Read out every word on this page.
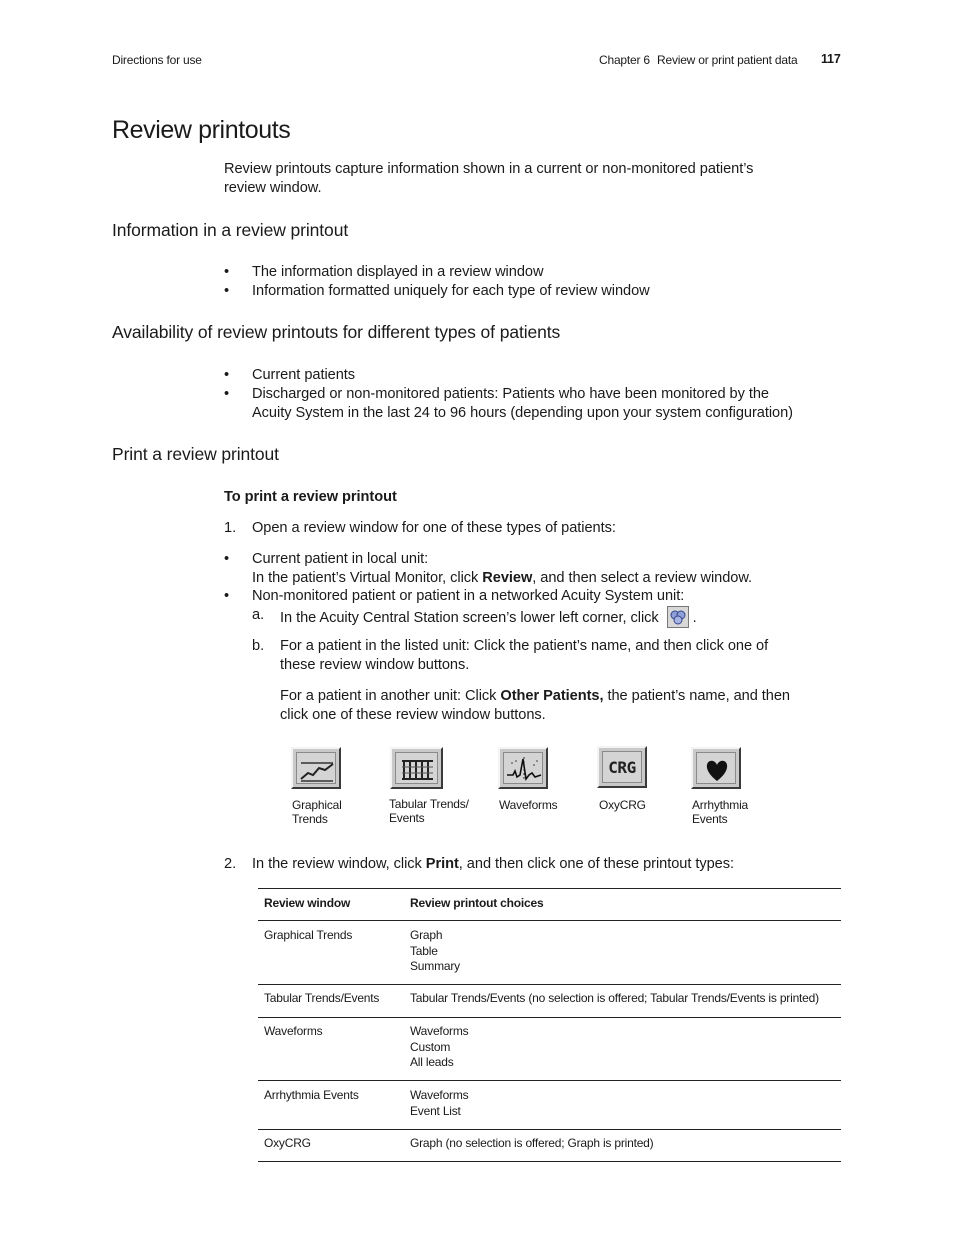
Directions for use	Chapter 6 Review or print patient data 117
Review printouts
Review printouts capture information shown in a current or non-monitored patient’s
review window.
Information in a review printout
• The information displayed in a review window
• Information formatted uniquely for each type of review window
Availability of review printouts for different types of patients
• Current patients
• Discharged or non-monitored patients: Patients who have been monitored by the
Acuity System in the last 24 to 96 hours (depending upon your system configuration)
Print a review printout
To print a review printout
1. Open a review window for one of these types of patients:
• Current patient in local unit:
In the patient’s Virtual Monitor, click Review, and then select a review window.
• Non-monitored patient or patient in a networked Acuity System unit:
a. In the Acuity Central Station screen’s lower left corner, click .
b. For a patient in the listed unit: Click the patient’s name, and then click one of
these review window buttons.
For a patient in another unit: Click Other Patients, the patient’s name, and then
click one of these review window buttons.
Graphical
Trends
Tabular Trends/
Events
Waveforms
CRG
OxyCRG	Arrhythmia
Events
2. In the review window, click Print, and then click one of these printout types:
Review window	Review printout choices
Graphical Trends	Graph
Table
Summary

Tabular Trends/Events	Tabular Trends/Events (no selection is offered; Tabular Trends/Events is printed)

Waveforms	Waveforms
Custom
All leads

Arrhythmia Events	Waveforms
Event List

OxyCRG	Graph (no selection is offered; Graph is printed)
